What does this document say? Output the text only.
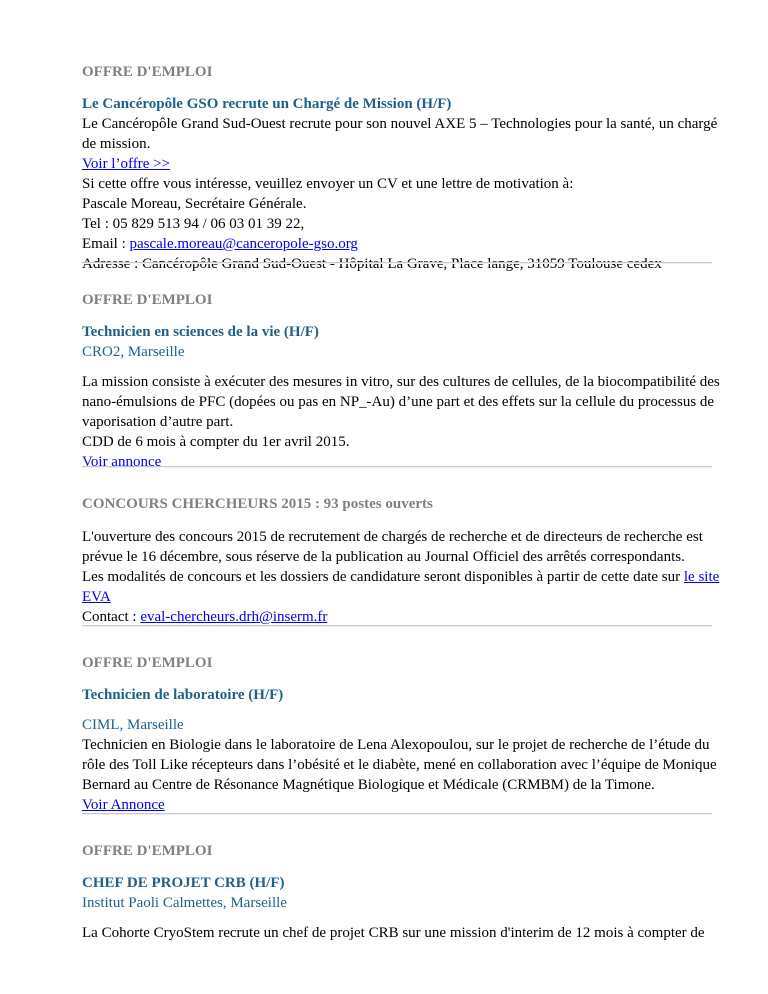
OFFRE D'EMPLOI
Le Cancéropôle GSO recrute un Chargé de Mission (H/F)
Le Cancéropôle Grand Sud-Ouest recrute pour son nouvel AXE 5 – Technologies pour la santé, un chargé
de mission.
Voir l’offre >>
Si cette offre vous intéresse, veuillez envoyer un CV et une lettre de motivation à:
Pascale Moreau, Secrétaire Générale.
Tel : 05 829 513 94 / 06 03 01 39 22,
Email : pascale.moreau@canceropole-gso.org
Adresse : Cancéropôle Grand Sud-Ouest - Hôpital La Grave, Place lange, 31059 Toulouse cedex
OFFRE D'EMPLOI
Technicien en sciences de la vie (H/F)
CRO2, Marseille
La mission consiste à exécuter des mesures in vitro, sur des cultures de cellules, de la biocompatibilité des
nano-émulsions de PFC (dopées ou pas en NP_-Au) d’une part et des effets sur la cellule du processus de
vaporisation d’autre part.
CDD de 6 mois à compter du 1er avril 2015.
Voir annonce
CONCOURS CHERCHEURS 2015 : 93 postes ouverts
L'ouverture des concours 2015 de recrutement de chargés de recherche et de directeurs de recherche est
prévue le 16 décembre, sous réserve de la publication au Journal Officiel des arrêtés correspondants.
Les modalités de concours et les dossiers de candidature seront disponibles à partir de cette date sur le site
EVA
Contact : eval-chercheurs.drh@inserm.fr
OFFRE D'EMPLOI
Technicien de laboratoire (H/F)
CIML, Marseille
Technicien en Biologie dans le laboratoire de Lena Alexopoulou, sur le projet de recherche de l’étude du
rôle des Toll Like récepteurs dans l’obésité et le diabète, mené en collaboration avec l’équipe de Monique
Bernard au Centre de Résonance Magnétique Biologique et Médicale (CRMBM) de la Timone.
Voir Annonce
OFFRE D'EMPLOI
CHEF DE PROJET CRB (H/F)
Institut Paoli Calmettes, Marseille
La Cohorte CryoStem recrute un chef de projet CRB sur une mission d'interim de 12 mois à compter de
